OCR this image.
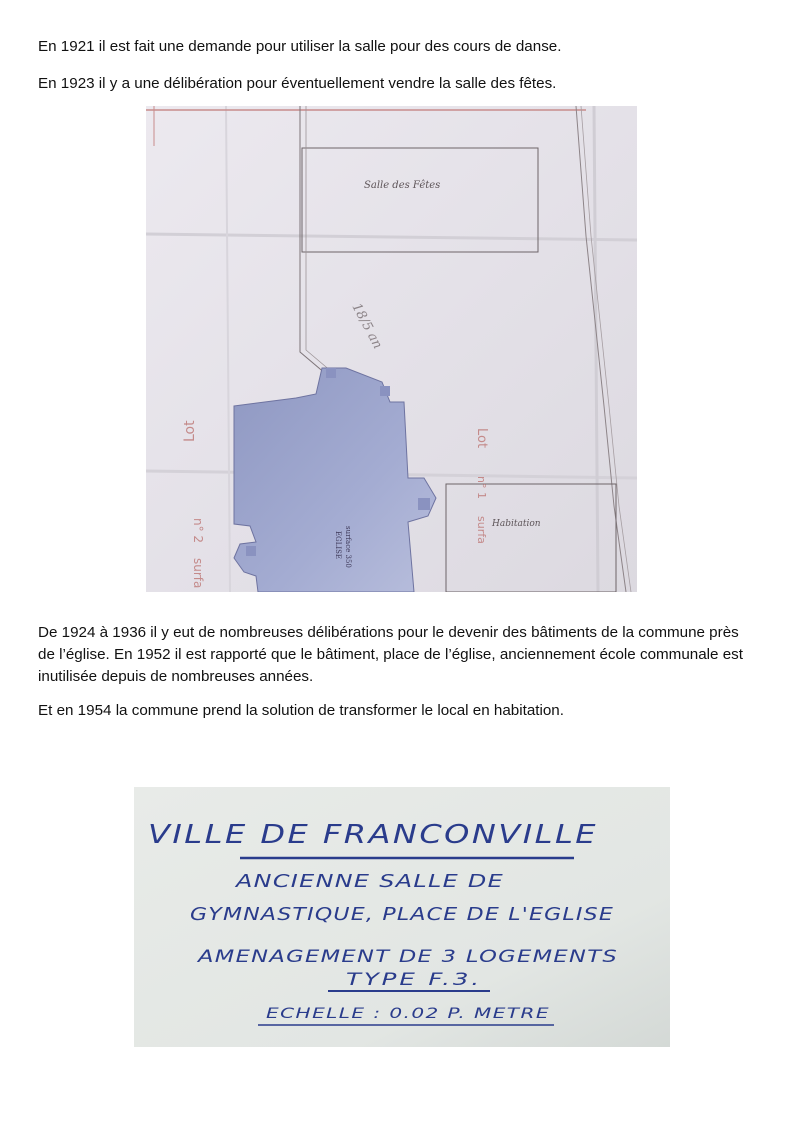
En 1921 il est fait une demande pour utiliser la salle pour des cours de danse.

En 1923 il y a une délibération pour éventuellement vendre la salle des fêtes.

Salle des Fêtes
EGLISE surface 350
Habitation
Lot
n° 2
surfa
Lot
n° 1
surfa
18/5 an

De 1924 à 1936 il y eut de nombreuses délibérations pour le devenir des bâtiments de la commune près de l’église. En 1952 il est rapporté que le bâtiment, place de l’église, anciennement école communale est inutilisée depuis de nombreuses années.

Et en 1954 la commune prend la solution de transformer le local en habitation.

VILLE DE FRANCONVILLE
ANCIENNE SALLE DE
GYMNASTIQUE, PLACE DE L'EGLISE
AMENAGEMENT DE 3 LOGEMENTS
TYPE F.3.
ECHELLE : 0.02 P. METRE
